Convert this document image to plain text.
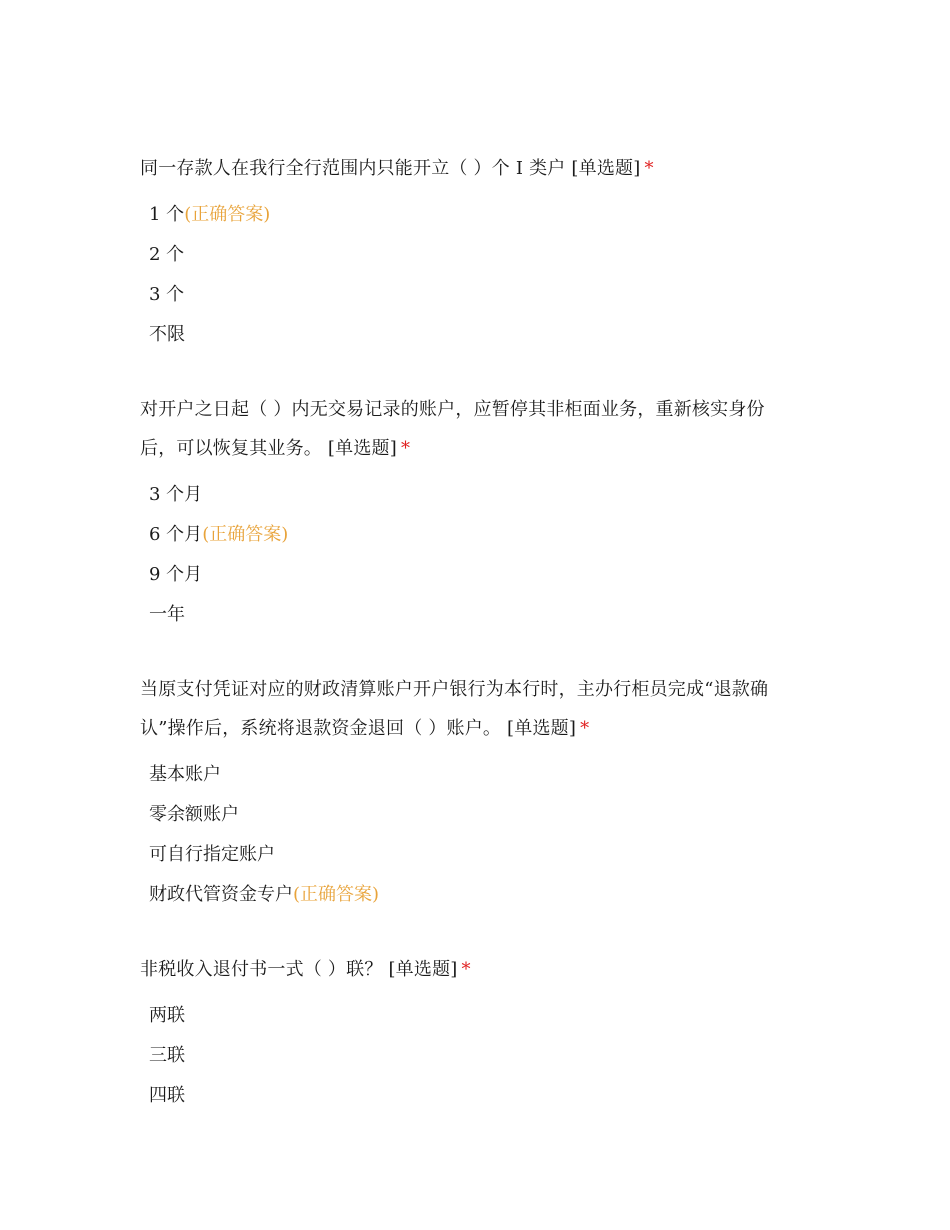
同一存款人在我行全行范围内只能开立（ ）个 I 类户 [单选题] *

1 个(正确答案)
2 个
3 个
不限

对开户之日起（ ）内无交易记录的账户，应暂停其非柜面业务，重新核实身份后，可以恢复其业务。 [单选题] *

3 个月
6 个月(正确答案)
9 个月
一年

当原支付凭证对应的财政清算账户开户银行为本行时，主办行柜员完成“退款确认”操作后，系统将退款资金退回（ ）账户。 [单选题] *

基本账户
零余额账户
可自行指定账户
财政代管资金专户(正确答案)

非税收入退付书一式（ ）联？ [单选题] *

两联
三联
四联
